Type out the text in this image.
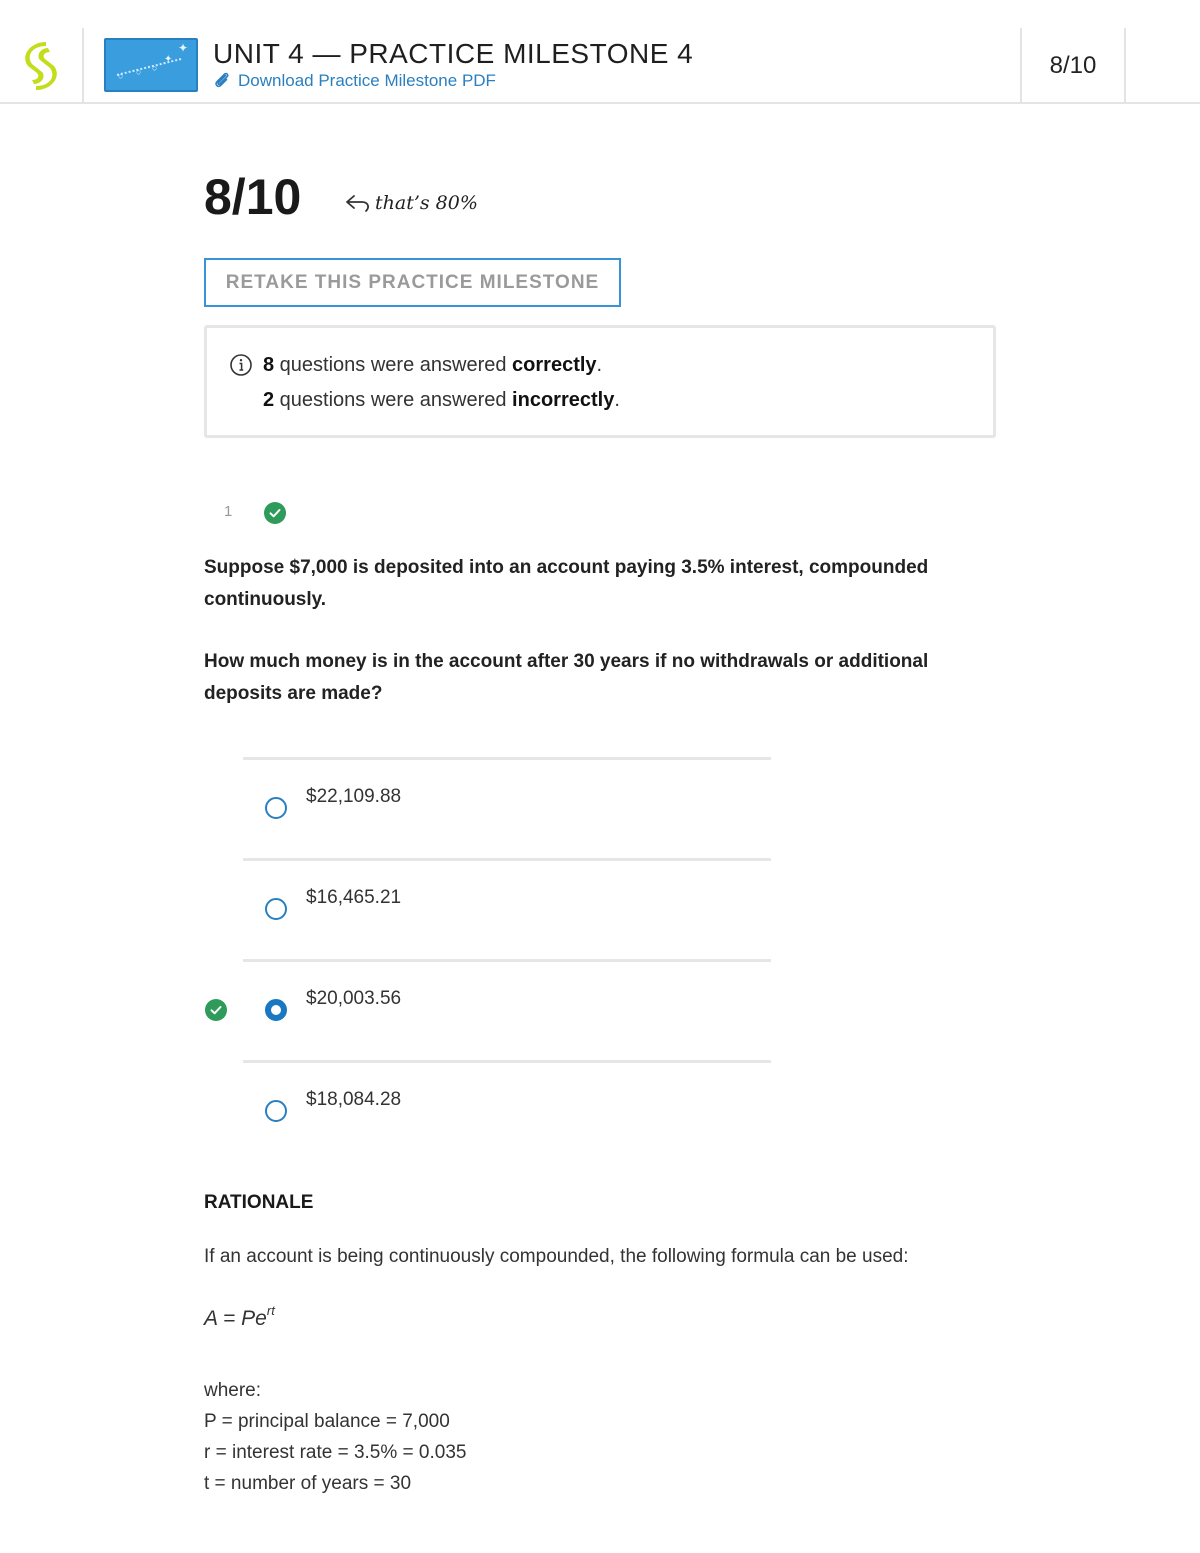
✦
✦
○ ○ ○ UNIT 4 — PRACTICE MILESTONE 4
Download Practice Milestone PDF
8/10
8/10	that’s 80%
RETAKE THIS PRACTICE MILESTONE
8 questions were answered correctly.
2 questions were answered incorrectly.
1
Suppose $7,000 is deposited into an account paying 3.5% interest, compounded continuously.
How much money is in the account after 30 years if no withdrawals or additional deposits are made?
$22,109.88
$16,465.21
$20,003.56
$18,084.28
RATIONALE
If an account is being continuously compounded, the following formula can be used:
$A = Pe^{rt}$
where:
P = principal balance = 7,000
r = interest rate = 3.5% = 0.035
t = number of years = 30
